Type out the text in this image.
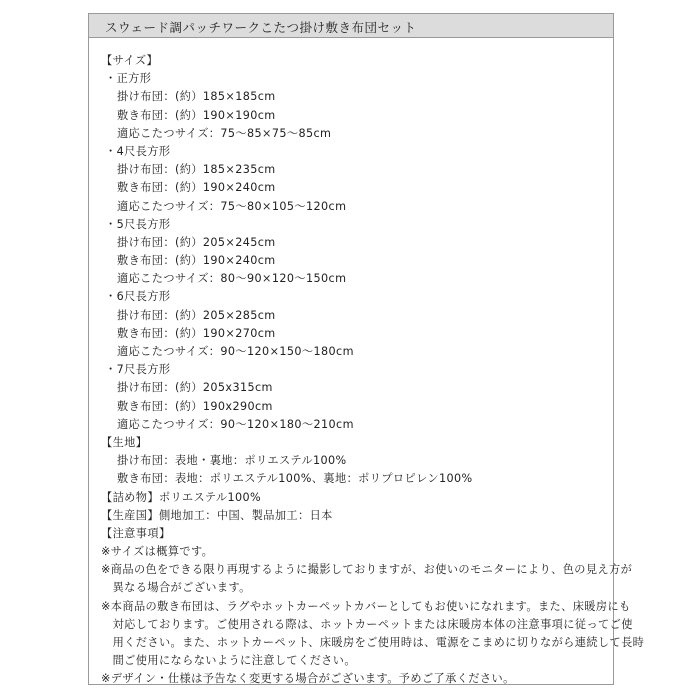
スウェード調パッチワークこたつ掛け敷き布団セット
【サイズ】
・正方形
掛け布団：(約）185×185cm
敷き布団：(約）190×190cm
適応こたつサイズ：75～85×75～85cm
・4尺長方形
掛け布団：(約）185×235cm
敷き布団：(約）190×240cm
適応こたつサイズ：75～80×105～120cm
・5尺長方形
掛け布団：(約）205×245cm
敷き布団：(約）190×240cm
適応こたつサイズ：80～90×120～150cm
・6尺長方形
掛け布団：(約）205×285cm
敷き布団：(約）190×270cm
適応こたつサイズ：90～120×150～180cm
・7尺長方形
掛け布団：(約）205x315cm
敷き布団：(約）190x290cm
適応こたつサイズ：90～120×180～210cm
【生地】
掛け布団：表地・裏地：ポリエステル100%
敷き布団：表地：ポリエステル100%、裏地：ポリプロピレン100%
【詰め物】ポリエステル100%
【生産国】側地加工：中国、製品加工：日本
【注意事項】
※サイズは概算です。
※商品の色をできる限り再現するように撮影しておりますが、お使いのモニターにより、色の見え方が
　異なる場合がございます。
※本商品の敷き布団は、ラグやホットカーペットカバーとしてもお使いになれます。また、床暖房にも
　対応しております。ご使用される際は、ホットカーペットまたは床暖房本体の注意事項に従ってご使
　用ください。また、ホットカーペット、床暖房をご使用時は、電源をこまめに切りながら連続して長時
　間ご使用にならないように注意してください。
※デザイン・仕様は予告なく変更する場合がございます。予めご了承ください。
